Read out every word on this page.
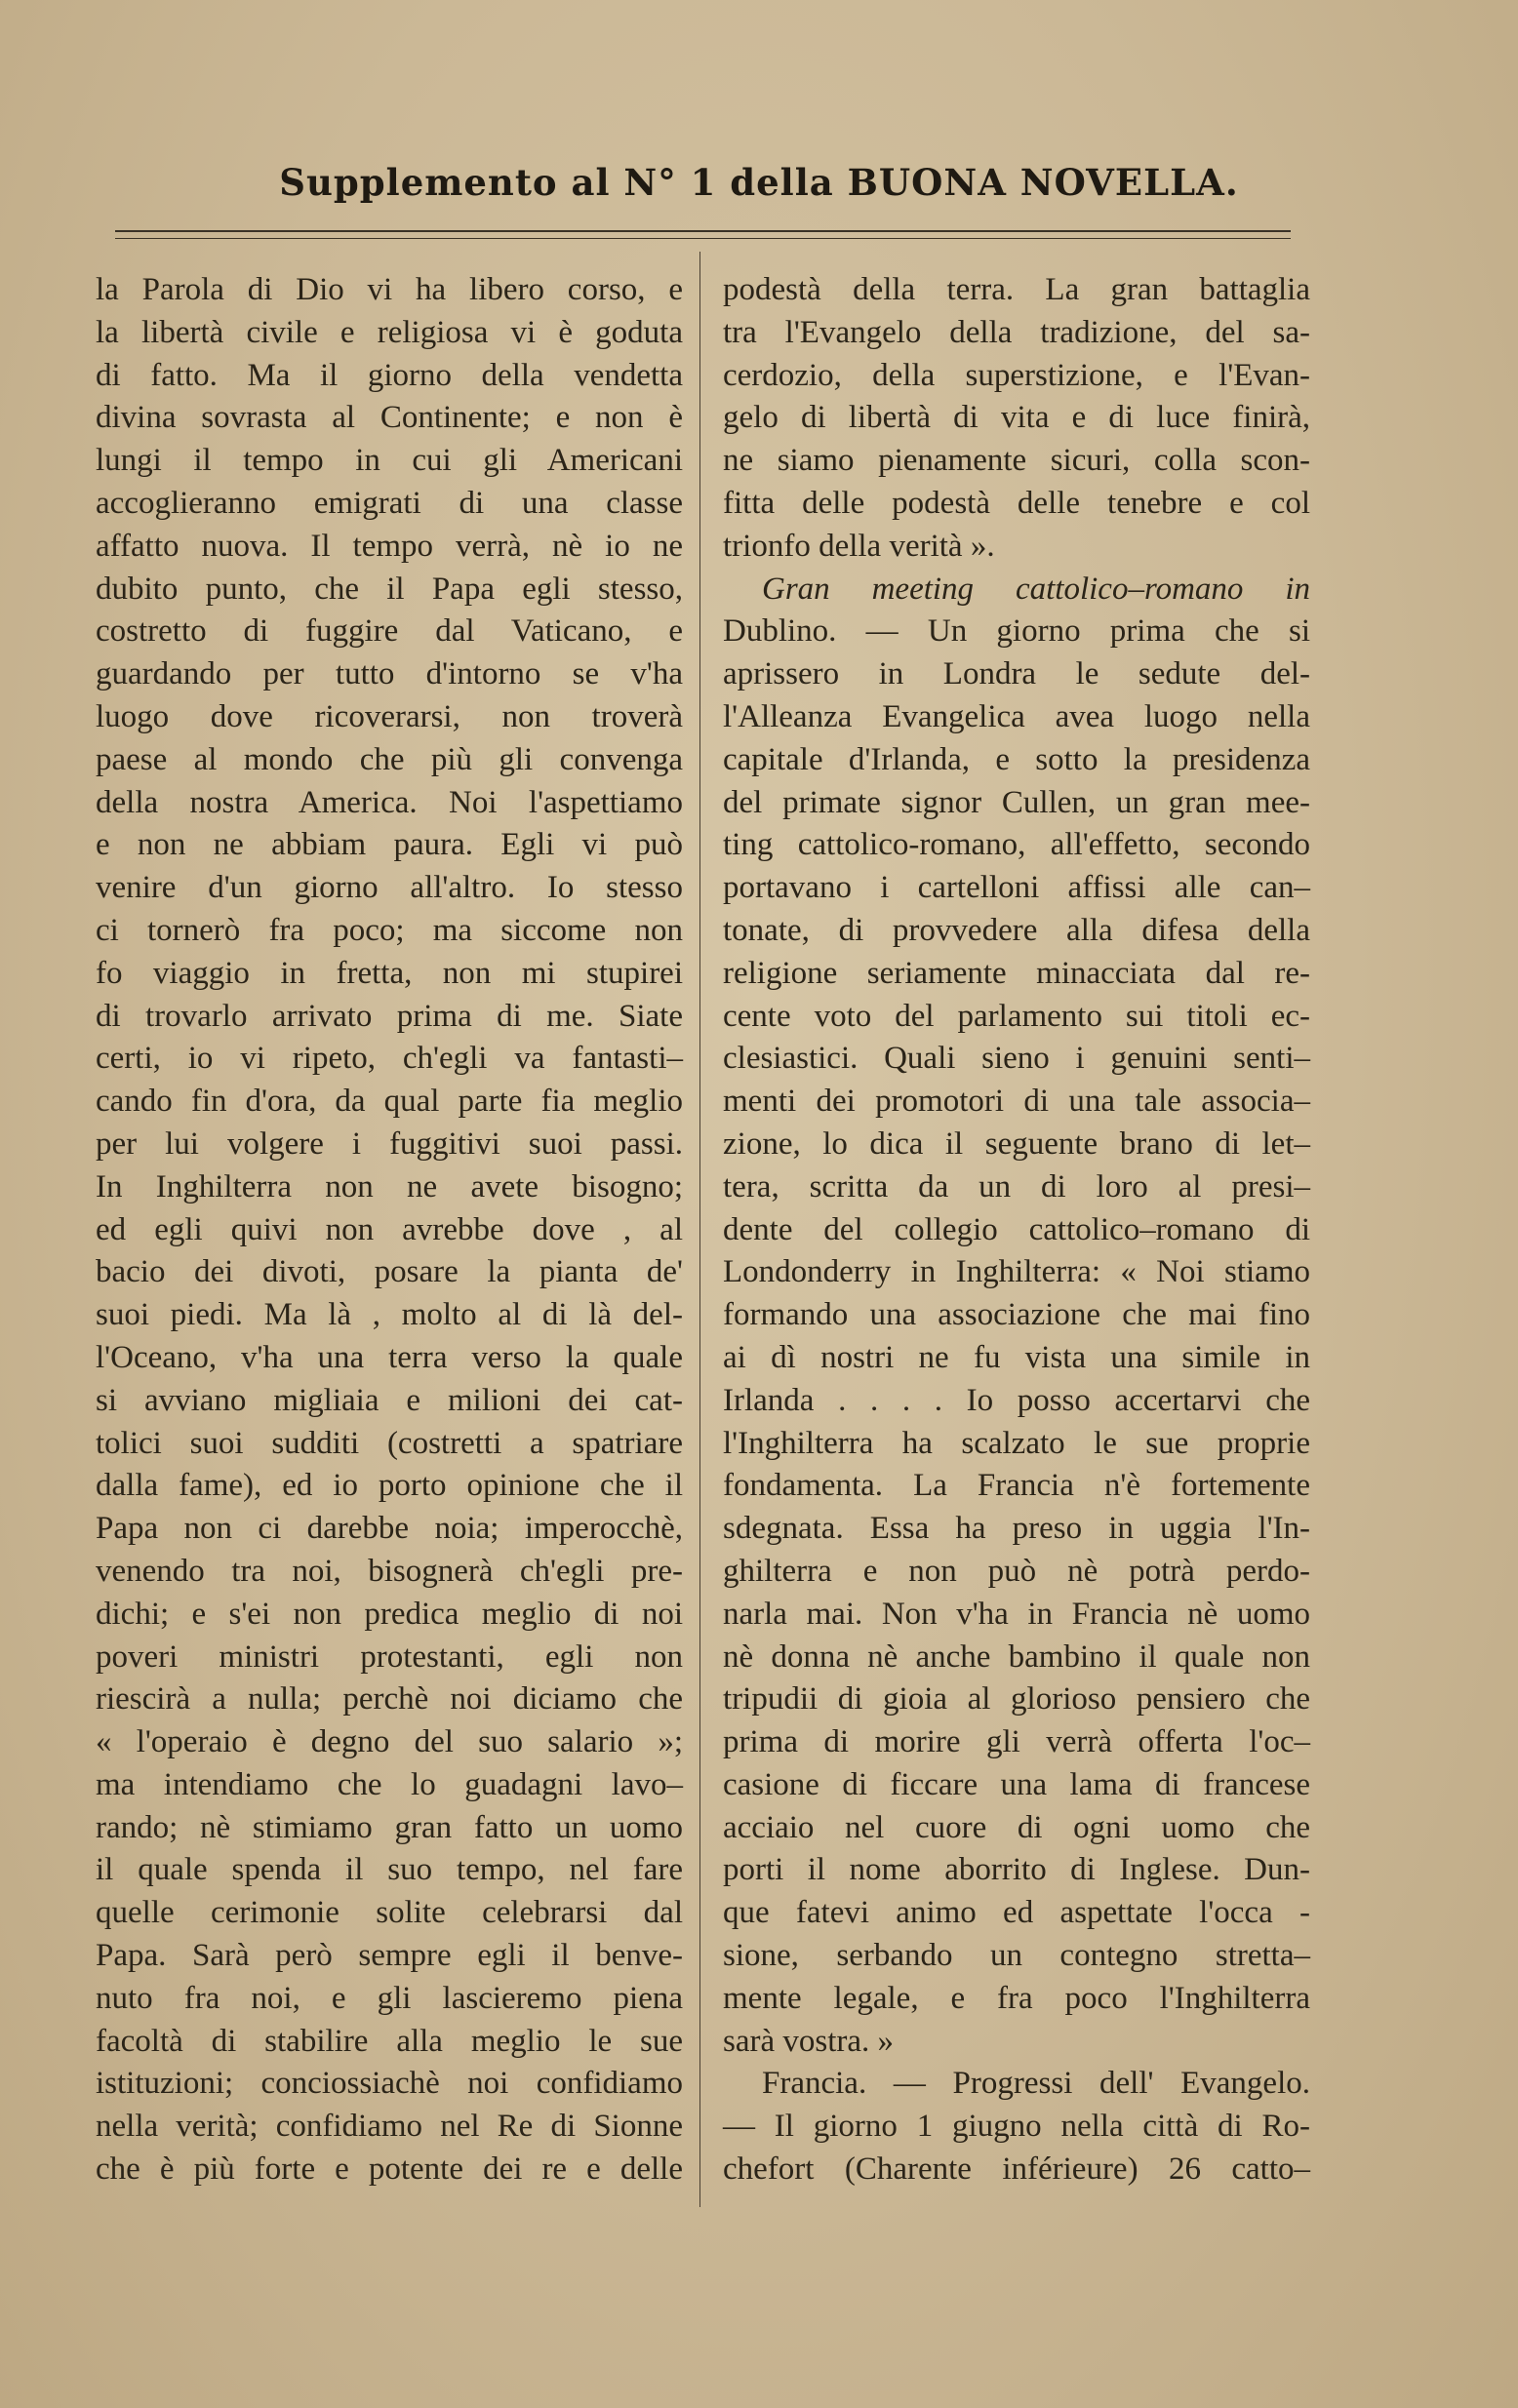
Supplemento al N° 1 della BUONA NOVELLA.
la Parola di Dio vi ha libero corso, e
la libertà civile e religiosa vi è goduta
di fatto. Ma il giorno della vendetta
divina sovrasta al Continente; e non è
lungi il tempo in cui gli Americani
accoglieranno emigrati di una classe
affatto nuova. Il tempo verrà, nè io ne
dubito punto, che il Papa egli stesso,
costretto di fuggire dal Vaticano, e
guardando per tutto d'intorno se v'ha
luogo dove ricoverarsi, non troverà
paese al mondo che più gli convenga
della nostra America. Noi l'aspettiamo
e non ne abbiam paura. Egli vi può
venire d'un giorno all'altro. Io stesso
ci tornerò fra poco; ma siccome non
fo viaggio in fretta, non mi stupirei
di trovarlo arrivato prima di me. Siate
certi, io vi ripeto, ch'egli va fantasti–
cando fin d'ora, da qual parte fia meglio
per lui volgere i fuggitivi suoi passi.
In Inghilterra non ne avete bisogno;
ed egli quivi non avrebbe dove , al
bacio dei divoti, posare la pianta de'
suoi piedi. Ma là , molto al di là del-
l'Oceano, v'ha una terra verso la quale
si avviano migliaia e milioni dei cat-
tolici suoi sudditi (costretti a spatriare
dalla fame), ed io porto opinione che il
Papa non ci darebbe noia; imperocchè,
venendo tra noi, bisognerà ch'egli pre-
dichi; e s'ei non predica meglio di noi
poveri ministri protestanti, egli non
riescirà a nulla; perchè noi diciamo che
« l'operaio è degno del suo salario »;
ma intendiamo che lo guadagni lavo–
rando; nè stimiamo gran fatto un uomo
il quale spenda il suo tempo, nel fare
quelle cerimonie solite celebrarsi dal
Papa. Sarà però sempre egli il benve-
nuto fra noi, e gli lascieremo piena
facoltà di stabilire alla meglio le sue
istituzioni; conciossiachè noi confidiamo
nella verità; confidiamo nel Re di Sionne
che è più forte e potente dei re e delle
podestà della terra. La gran battaglia
tra l'Evangelo della tradizione, del sa-
cerdozio, della superstizione, e l'Evan-
gelo di libertà di vita e di luce finirà,
ne siamo pienamente sicuri, colla scon-
fitta delle podestà delle tenebre e col
trionfo della verità ».
Gran meeting cattolico–romano in
Dublino. — Un giorno prima che si
aprissero in Londra le sedute del-
l'Alleanza Evangelica avea luogo nella
capitale d'Irlanda, e sotto la presidenza
del primate signor Cullen, un gran mee-
ting cattolico-romano, all'effetto, secondo
portavano i cartelloni affissi alle can–
tonate, di provvedere alla difesa della
religione seriamente minacciata dal re-
cente voto del parlamento sui titoli ec-
clesiastici. Quali sieno i genuini senti–
menti dei promotori di una tale associa–
zione, lo dica il seguente brano di let–
tera, scritta da un di loro al presi–
dente del collegio cattolico–romano di
Londonderry in Inghilterra: « Noi stiamo
formando una associazione che mai fino
ai dì nostri ne fu vista una simile in
Irlanda . . . . Io posso accertarvi che
l'Inghilterra ha scalzato le sue proprie
fondamenta. La Francia n'è fortemente
sdegnata. Essa ha preso in uggia l'In-
ghilterra e non può nè potrà perdo-
narla mai. Non v'ha in Francia nè uomo
nè donna nè anche bambino il quale non
tripudii di gioia al glorioso pensiero che
prima di morire gli verrà offerta l'oc–
casione di ficcare una lama di francese
acciaio nel cuore di ogni uomo che
porti il nome aborrito di Inglese. Dun-
que fatevi animo ed aspettate l'occa -
sione, serbando un contegno stretta–
mente legale, e fra poco l'Inghilterra
sarà vostra. »
Francia. — Progressi dell' Evangelo.
— Il giorno 1 giugno nella città di Ro-
chefort (Charente inférieure) 26 catto–
